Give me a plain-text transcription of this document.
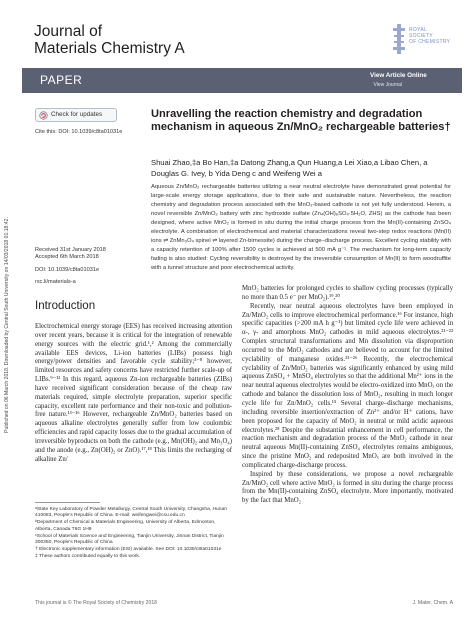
Journal of
Materials Chemistry A
ROYAL SOCIETY
OF CHEMISTRY
PAPER	View Article Online
View Journal
Published on 06 March 2018. Downloaded by Central South University on 14/03/2018 01:18:42.
Check for updates
Cite this: DOI: 10.1039/c8ta01031e
Unravelling the reaction chemistry and degradation mechanism in aqueous Zn/MnO₂ rechargeable batteries†
Shuai Zhao,‡a Bo Han,‡a Datong Zhang,a Qun Huang,a Lei Xiao,a Libao Chen, a Douglas G. Ivey, b Yida Deng c and Weifeng Wei a
Aqueous Zn/MnO₂ rechargeable batteries utilizing a near neutral electrolyte have demonstrated great potential for large-scale energy storage applications, due to their safe and sustainable nature. Nevertheless, the reaction chemistry and degradation process associated with the MnO₂-based cathode is not yet fully understood. Herein, a novel reversible Zn/MnO₂ battery with zinc hydroxide sulfate (Zn₄(OH)₆SO₄·5H₂O, ZHS) as the cathode has been designed, where active MnO₂ is formed in situ during the initial charge process from the Mn(II)-containing ZnSO₄ electrolyte. A combination of electrochemical and material characterizations reveal two-step redox reactions (Mn(II) ions ⇌ ZnMn₃O₄ spinel ⇌ layered Zn-birnessite) during the charge–discharge process. Excellent cycling stability with a capacity retention of 100% after 1500 cycles is achieved at 500 mA g⁻¹. The mechanism for long-term capacity fading is also studied: Cycling reversibility is destroyed by the irreversible consumption of Mn(II) to form woodruffite with a tunnel structure and poor electrochemical activity.
Received 31st January 2018
Accepted 6th March 2018
DOI: 10.1039/c8ta01031e
rsc.li/materials-a
Introduction

Electrochemical energy storage (EES) has received increasing attention over recent years, because it is critical for the integration of renewable energy sources with the electric grid.¹,² Among the commercially available EES devices, Li-ion batteries (LIBs) possess high energy/power densities and favorable cycle stability;³⁻⁸ however, limited resources and safety concerns have restricted further scale-up of LIBs.⁹⁻¹² In this regard, aqueous Zn-ion rechargeable batteries (ZIBs) have received significant consideration because of the cheap raw materials required, simple electrolyte preparation, superior specific capacity, excellent rate performance and their non-toxic and pollution-free nature.¹³⁻¹⁶ However, rechargeable Zn/MnO₂ batteries based on aqueous alkaline electrolytes generally suffer from low coulombic efficiencies and rapid capacity losses due to the gradual accumulation of irreversible byproducts on both the cathode (e.g., Mn(OH)₂ and Mn₃O₄) and the anode (e.g., Zn(OH)₂ or ZnO).¹⁷,¹⁸ This limits the recharging of alkaline Zn/

ᵃState Key Laboratory of Powder Metallurgy, Central South University, Changsha, Hunan 410083, People's Republic of China. E-mail: weifengwei@csu.edu.cn

ᵇDepartment of Chemical & Materials Engineering, University of Alberta, Edmonton, Alberta, Canada T6G 1H9

ᶜSchool of Materials Science and Engineering, Tianjin University, Jinnan District, Tianjin 300350, People's Republic of China

† Electronic supplementary information (ESI) available. See DOI: 10.1039/c8ta01031e

‡ These authors contributed equally to this work.

MnO₂ batteries for prolonged cycles to shallow cycling processes (typically no more than 0.5 e⁻ per MnO₂).¹⁹,²⁰

Recently, near neutral aqueous electrolytes have been employed in Zn/MnO₂ cells to improve electrochemical performance.¹⁶ For instance, high specific capacities (>200 mA h g⁻¹) but limited cycle life were achieved in α-, γ- and amorphous MnO₂ cathodes in mild aqueous electrolytes.²¹⁻²³ Complex structural transformations and Mn dissolution via disproportion occurred to the MnO₂ cathodes and are believed to account for the limited cyclability of manganese oxides.²³⁻²⁶ Recently, the electrochemical cyclability of Zn/MnO₂ batteries was significantly enhanced by using mild aqueous ZnSO₄ + MnSO₄ electrolytes so that the additional Mn²⁺ ions in the near neutral aqueous electrolytes would be electro-oxidized into MnOₓ on the cathode and balance the dissolution loss of MnO₂, resulting in much longer cycle life for Zn/MnO₂ cells.¹⁵ Several charge–discharge mechanisms, including reversible insertion/extraction of Zn²⁺ and/or H⁺ cations, have been proposed for the capacity of MnO₂ in neutral or mild acidic aqueous electrolytes.²⁸ Despite the substantial enhancement in cell performance, the reaction mechanism and degradation process of the MnO₂ cathode in near neutral aqueous Mn(II)-containing ZnSO₄ electrolytes remains ambiguous, since the pristine MnO₂ and redeposited MnOₓ are both involved in the complicated charge-discharge process.

Inspired by these considerations, we propose a novel rechargeable Zn/MnO₂ cell where active MnO₂ is formed in situ during the charge process from the Mn(II)-containing ZnSO₄ electrolyte. More importantly, motivated by the fact that MnO₂

This journal is © The Royal Society of Chemistry 2018	J. Mater. Chem. A
